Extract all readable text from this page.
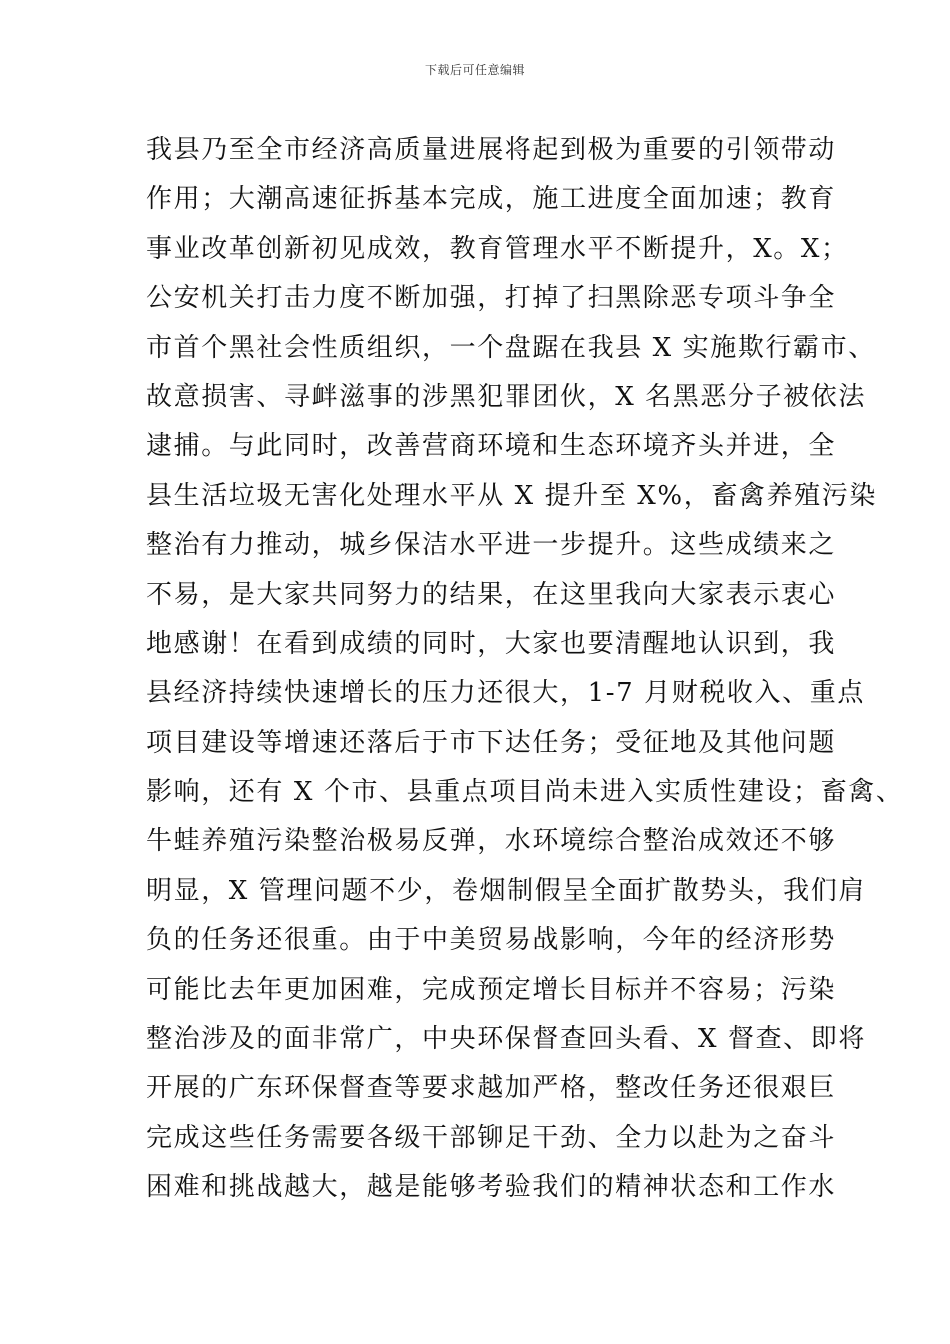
下载后可任意编辑
我县乃至全市经济高质量进展将起到极为重要的引领带动
作用；大潮高速征拆基本完成，施工进度全面加速；教育
事业改革创新初见成效，教育管理水平不断提升，X。X；
公安机关打击力度不断加强，打掉了扫黑除恶专项斗争全
市首个黑社会性质组织，一个盘踞在我县 X 实施欺行霸市、
故意损害、寻衅滋事的涉黑犯罪团伙，X 名黑恶分子被依法
逮捕。与此同时，改善营商环境和生态环境齐头并进，全
县生活垃圾无害化处理水平从 X 提升至 X%，畜禽养殖污染
整治有力推动，城乡保洁水平进一步提升。这些成绩来之
不易，是大家共同努力的结果，在这里我向大家表示衷心
地感谢！在看到成绩的同时，大家也要清醒地认识到，我
县经济持续快速增长的压力还很大，1-7 月财税收入、重点
项目建设等增速还落后于市下达任务；受征地及其他问题
影响，还有 X 个市、县重点项目尚未进入实质性建设；畜禽、
牛蛙养殖污染整治极易反弹，水环境综合整治成效还不够
明显，X 管理问题不少，卷烟制假呈全面扩散势头，我们肩
负的任务还很重。由于中美贸易战影响，今年的经济形势
可能比去年更加困难，完成预定增长目标并不容易；污染
整治涉及的面非常广，中央环保督查回头看、X 督查、即将
开展的广东环保督查等要求越加严格，整改任务还很艰巨
完成这些任务需要各级干部铆足干劲、全力以赴为之奋斗
困难和挑战越大，越是能够考验我们的精神状态和工作水
